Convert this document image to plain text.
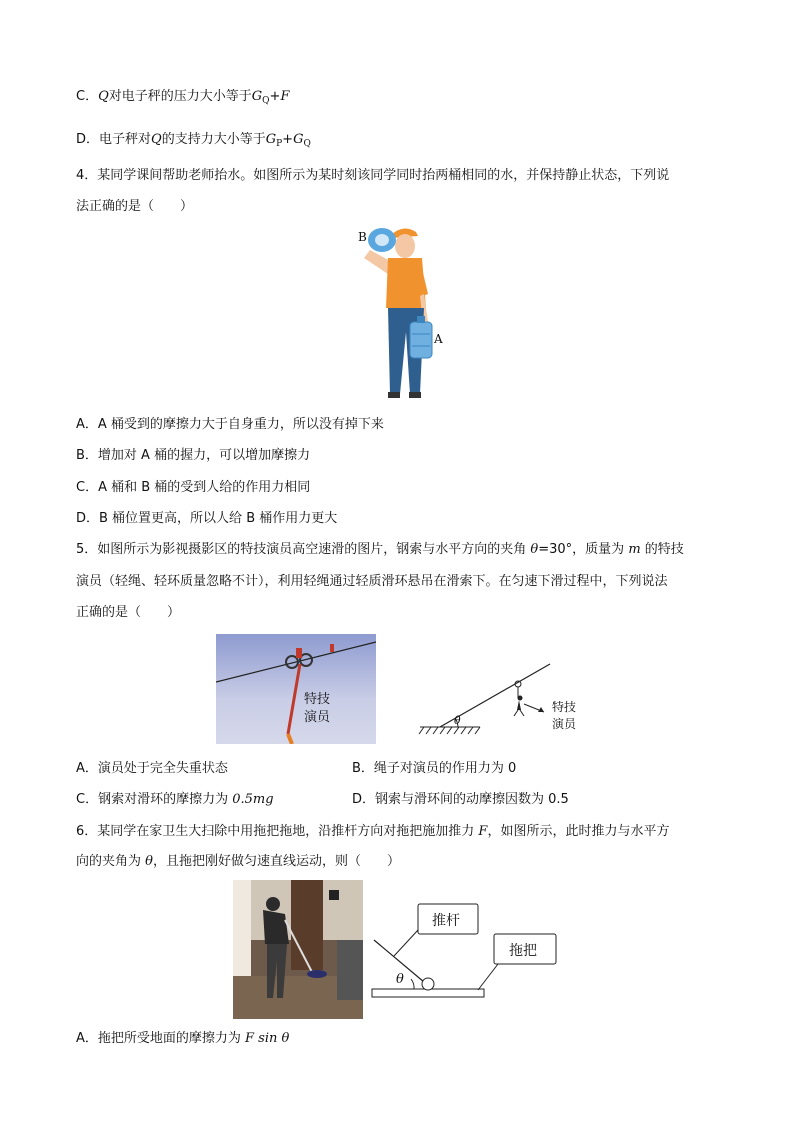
C．Q对电子秤的压力大小等于$G_Q+F$
D．电子秤对Q的支持力大小等于$G_P+G_Q$
4．某同学课间帮助老师抬水。如图所示为某时刻该同学同时抬两桶相同的水，并保持静止状态，下列说
法正确的是（　　）
B
A
A．A 桶受到的摩擦力大于自身重力，所以没有掉下来
B．增加对 A 桶的握力，可以增加摩擦力
C．A 桶和 B 桶的受到人给的作用力相同
D．B 桶位置更高，所以人给 B 桶作用力更大
5．如图所示为影视摄影区的特技演员高空速滑的图片，钢索与水平方向的夹角 θ=30°，质量为 m 的特技
演员（轻绳、轻环质量忽略不计），利用轻绳通过轻质滑环悬吊在滑索下。在匀速下滑过程中，下列说法
正确的是（　　）
特技
演员	θ
特技
演员
A．演员处于完全失重状态	B．绳子对演员的作用力为 0
C．钢索对滑环的摩擦力为 0.5mg	D．钢索与滑环间的动摩擦因数为 0.5
6．某同学在家卫生大扫除中用拖把拖地，沿推杆方向对拖把施加推力 F，如图所示，此时推力与水平方
向的夹角为 θ，且拖把刚好做匀速直线运动，则（　　）
推杆
拖把
θ
A．拖把所受地面的摩擦力为 F sin θ
